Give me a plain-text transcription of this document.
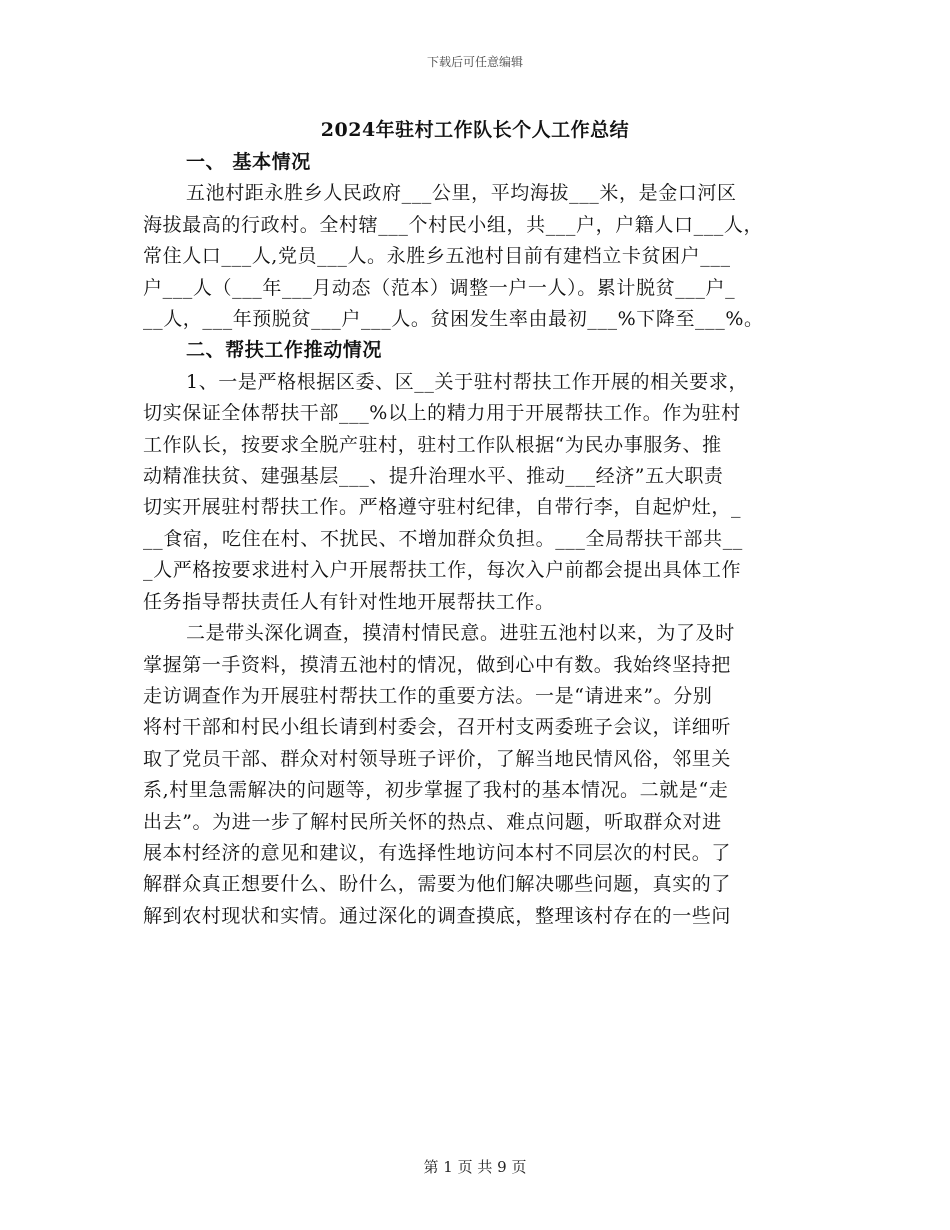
下载后可任意编辑
2024年驻村工作队长个人工作总结

一、 基本情况

五池村距永胜乡人民政府___公里，平均海拔___米，是金口河区
海拔最高的行政村。全村辖___个村民小组，共___户，户籍人口___人，
常住人口___人,党员___人。永胜乡五池村目前有建档立卡贫困户___
户___人（___年___月动态（范本）调整一户一人）。累计脱贫___户_
__人，___年预脱贫___户___人。贫困发生率由最初___%下降至___%。

二、帮扶工作推动情况

1、一是严格根据区委、区__关于驻村帮扶工作开展的相关要求，
切实保证全体帮扶干部___%以上的精力用于开展帮扶工作。作为驻村
工作队长，按要求全脱产驻村，驻村工作队根据“为民办事服务、推
动精准扶贫、建强基层___、提升治理水平、推动___经济”五大职责
切实开展驻村帮扶工作。严格遵守驻村纪律，自带行李，自起炉灶，_
__食宿，吃住在村、不扰民、不增加群众负担。___全局帮扶干部共__
_人严格按要求进村入户开展帮扶工作，每次入户前都会提出具体工作
任务指导帮扶责任人有针对性地开展帮扶工作。
二是带头深化调查，摸清村情民意。进驻五池村以来，为了及时
掌握第一手资料，摸清五池村的情况，做到心中有数。我始终坚持把
走访调查作为开展驻村帮扶工作的重要方法。一是“请进来”。分别
将村干部和村民小组长请到村委会，召开村支两委班子会议，详细听
取了党员干部、群众对村领导班子评价，了解当地民情风俗，邻里关
系,村里急需解决的问题等，初步掌握了我村的基本情况。二就是“走
出去”。为进一步了解村民所关怀的热点、难点问题，听取群众对进
展本村经济的意见和建议，有选择性地访问本村不同层次的村民。了
解群众真正想要什么、盼什么，需要为他们解决哪些问题，真实的了
解到农村现状和实情。通过深化的调查摸底，整理该村存在的一些问
第 1 页 共 9 页
